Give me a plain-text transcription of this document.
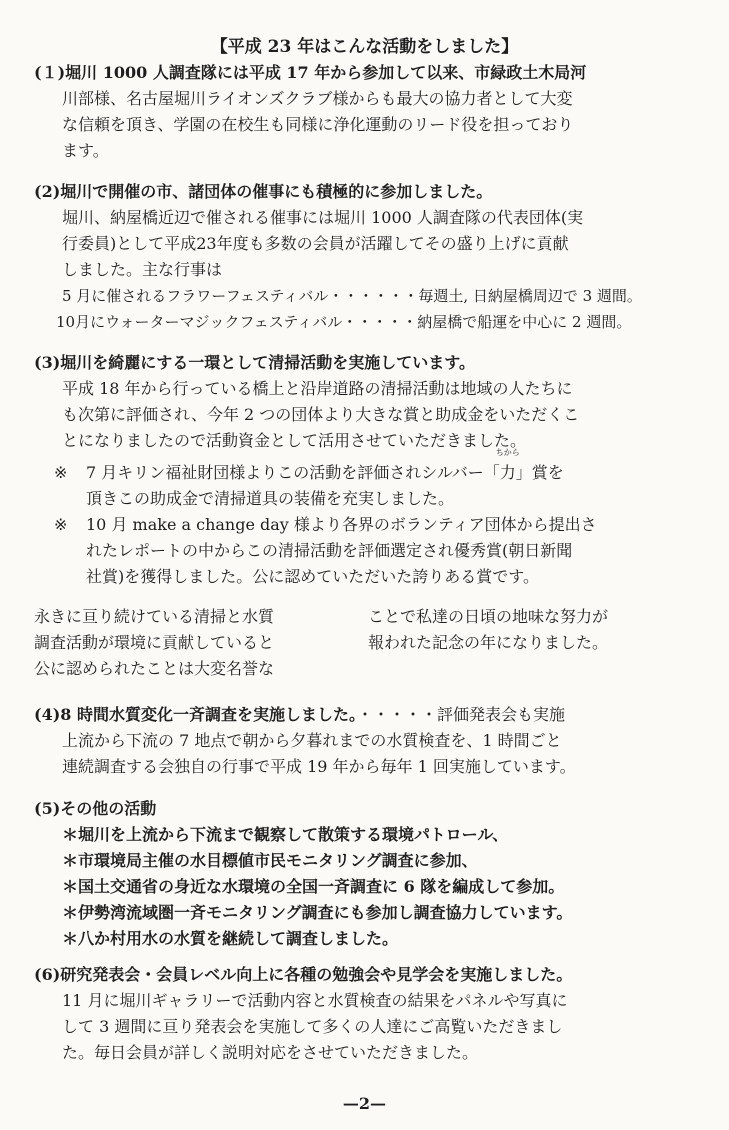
【平成 23 年はこんな活動をしました】

(１)堀川 1000 人調査隊には平成 17 年から参加して以来、市緑政土木局河

川部様、名古屋堀川ライオンズクラブ様からも最大の協力者として大変

な信頼を頂き、学園の在校生も同様に浄化運動のリード役を担っており

ます。

(2)堀川で開催の市、諸団体の催事にも積極的に参加しました。

堀川、納屋橋近辺で催される催事には堀川 1000 人調査隊の代表団体(実

行委員)として平成23年度も多数の会員が活躍してその盛り上げに貢献

しました。主な行事は

5 月に催されるフラワーフェスティバル・・・・・・毎週土, 日納屋橋周辺で 3 週間。

10月にウォーターマジックフェスティバル・・・・・納屋橋で船運を中心に 2 週間。

(3)堀川を綺麗にする一環として清掃活動を実施しています。

平成 18 年から行っている橋上と沿岸道路の清掃活動は地域の人たちに

も次第に評価され、今年 2 つの団体より大きな賞と助成金をいただくこ

とになりましたので活動資金として活用させていただきました。

※ 7 月キリン福祉財団様よりこの活動を評価されシルバー「
ちから
力」賞を

頂きこの助成金で清掃道具の装備を充実しました。

※ 10 月 make a change day 様より各界のボランティア団体から提出さ

れたレポートの中からこの清掃活動を評価選定され優秀賞(朝日新聞

社賞)を獲得しました。公に認めていただいた誇りある賞です。

永きに亘り続けている清掃と水質

調査活動が環境に貢献していると

公に認められたことは大変名誉な

ことで私達の日頃の地味な努力が

報われた記念の年になりました。

(4)8 時間水質変化一斉調査を実施しました。・・・・・評価発表会も実施

上流から下流の 7 地点で朝から夕暮れまでの水質検査を、1 時間ごと

連続調査する会独自の行事で平成 19 年から毎年 1 回実施しています。

(5)その他の活動

＊堀川を上流から下流まで観察して散策する環境パトロール、

＊市環境局主催の水目標値市民モニタリング調査に参加、

＊国土交通省の身近な水環境の全国一斉調査に 6 隊を編成して参加。

＊伊勢湾流域圏一斉モニタリング調査にも参加し調査協力しています。

＊八か村用水の水質を継続して調査しました。

(6)研究発表会・会員レベル向上に各種の勉強会や見学会を実施しました。

11 月に堀川ギャラリーで活動内容と水質検査の結果をパネルや写真に

して 3 週間に亘り発表会を実施して多くの人達にご高覧いただきまし

た。毎日会員が詳しく説明対応をさせていただきました。

—2—
